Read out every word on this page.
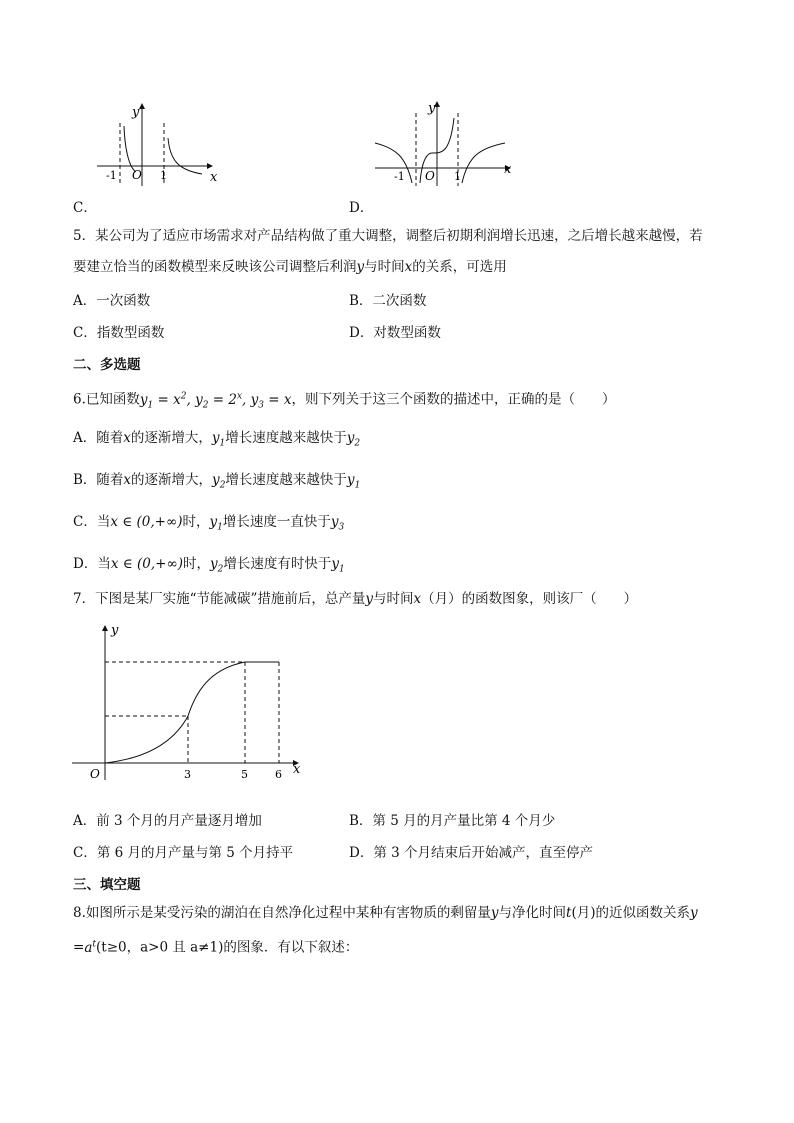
C．
y
x
O
-1	1
D．
y
x
O
-1	1
5．某公司为了适应市场需求对产品结构做了重大调整，调整后初期利润增长迅速，之后增长越来越慢，若
要建立恰当的函数模型来反映该公司调整后利润y与时间x的关系，可选用
A．一次函数	B．二次函数
C．指数型函数	D．对数型函数
二、多选题
6.已知函数$y_1 = x^2$, $y_2 = 2^x$, $y_3 = x$，则下列关于这三个函数的描述中，正确的是（　　）
A．随着x的逐渐增大，$y_1$增长速度越来越快于$y_2$
B．随着x的逐渐增大，$y_2$增长速度越来越快于$y_1$
C．当x ∈ (0,+∞)时，$y_1$增长速度一直快于$y_3$
D．当x ∈ (0,+∞)时，$y_2$增长速度有时快于$y_1$
7．下图是某厂实施“节能减碳”措施前后，总产量y与时间x（月）的函数图象，则该厂（　　）
y
x
O	3	5 6
A．前 3 个月的月产量逐月增加	B．第 5 月的月产量比第 4 个月少
C．第 6 月的月产量与第 5 个月持平	D．第 3 个月结束后开始减产，直至停产
三、填空题
8.如图所示是某受污染的湖泊在自然净化过程中某种有害物质的剩留量y与净化时间t(月)的近似函数关系y
$=a^t(t\ge 0$，a>0 且 a≠1)的图象．有以下叙述：
